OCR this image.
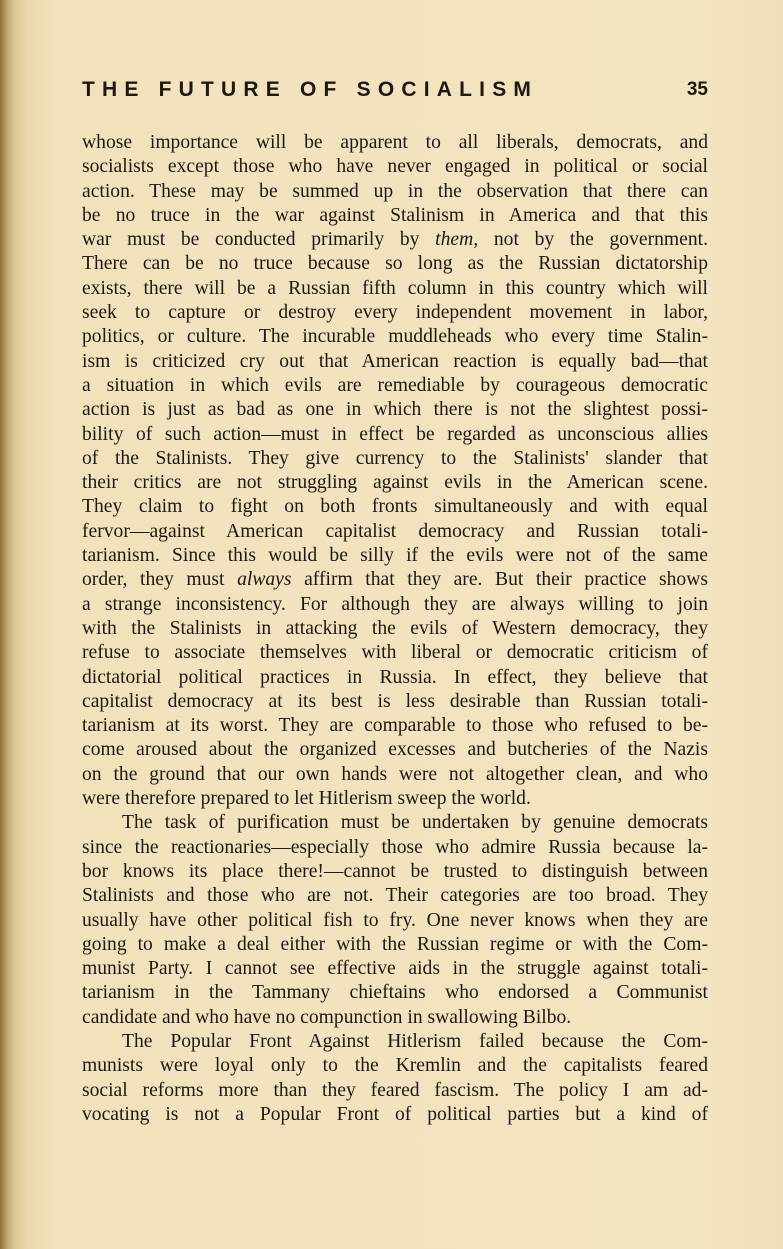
THE FUTURE OF SOCIALISM	35
whose importance will be apparent to all liberals, democrats, and
socialists except those who have never engaged in political or social
action. These may be summed up in the observation that there can
be no truce in the war against Stalinism in America and that this
war must be conducted primarily by them, not by the government.
There can be no truce because so long as the Russian dictatorship
exists, there will be a Russian fifth column in this country which will
seek to capture or destroy every independent movement in labor,
politics, or culture. The incurable muddleheads who every time Stalin-
ism is criticized cry out that American reaction is equally bad—that
a situation in which evils are remediable by courageous democratic
action is just as bad as one in which there is not the slightest possi-
bility of such action—must in effect be regarded as unconscious allies
of the Stalinists. They give currency to the Stalinists' slander that
their critics are not struggling against evils in the American scene.
They claim to fight on both fronts simultaneously and with equal
fervor—against American capitalist democracy and Russian totali-
tarianism. Since this would be silly if the evils were not of the same
order, they must always affirm that they are. But their practice shows
a strange inconsistency. For although they are always willing to join
with the Stalinists in attacking the evils of Western democracy, they
refuse to associate themselves with liberal or democratic criticism of
dictatorial political practices in Russia. In effect, they believe that
capitalist democracy at its best is less desirable than Russian totali-
tarianism at its worst. They are comparable to those who refused to be-
come aroused about the organized excesses and butcheries of the Nazis
on the ground that our own hands were not altogether clean, and who
were therefore prepared to let Hitlerism sweep the world.
The task of purification must be undertaken by genuine democrats
since the reactionaries—especially those who admire Russia because la-
bor knows its place there!—cannot be trusted to distinguish between
Stalinists and those who are not. Their categories are too broad. They
usually have other political fish to fry. One never knows when they are
going to make a deal either with the Russian regime or with the Com-
munist Party. I cannot see effective aids in the struggle against totali-
tarianism in the Tammany chieftains who endorsed a Communist
candidate and who have no compunction in swallowing Bilbo.
The Popular Front Against Hitlerism failed because the Com-
munists were loyal only to the Kremlin and the capitalists feared
social reforms more than they feared fascism. The policy I am ad-
vocating is not a Popular Front of political parties but a kind of
